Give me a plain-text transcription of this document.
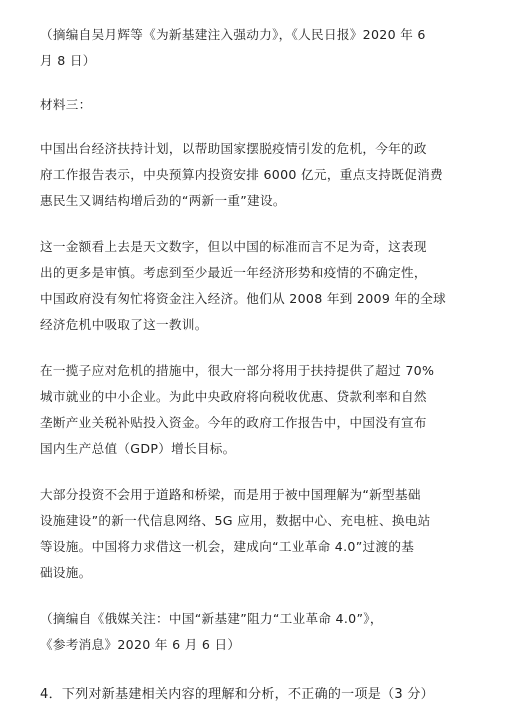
（摘编自吴月辉等《为新基建注入强动力》，《人民日报》2020 年 6
月 8 日）

材料三：

中国出台经济扶持计划，以帮助国家摆脱疫情引发的危机，今年的政
府工作报告表示，中央预算内投资安排 6000 亿元，重点支持既促消费
惠民生又调结构增后劲的“两新一重”建设。

这一金额看上去是天文数字，但以中国的标准而言不足为奇，这表现
出的更多是审慎。考虑到至少最近一年经济形势和疫情的不确定性，
中国政府没有匆忙将资金注入经济。他们从 2008 年到 2009 年的全球
经济危机中吸取了这一教训。

在一揽子应对危机的措施中，很大一部分将用于扶持提供了超过 70%
城市就业的中小企业。为此中央政府将向税收优惠、贷款利率和自然
垄断产业关税补贴投入资金。今年的政府工作报告中，中国没有宣布
国内生产总值（GDP）增长目标。

大部分投资不会用于道路和桥梁，而是用于被中国理解为“新型基础
设施建设”的新一代信息网络、5G 应用，数据中心、充电桩、换电站
等设施。中国将力求借这一机会，建成向“工业革命 4.0”过渡的基
础设施。

（摘编自《俄媒关注：中国“新基建”阻力“工业革命 4.0”》，
《参考消息》2020 年 6 月 6 日）

4．下列对新基建相关内容的理解和分析，不正确的一项是（3 分）
